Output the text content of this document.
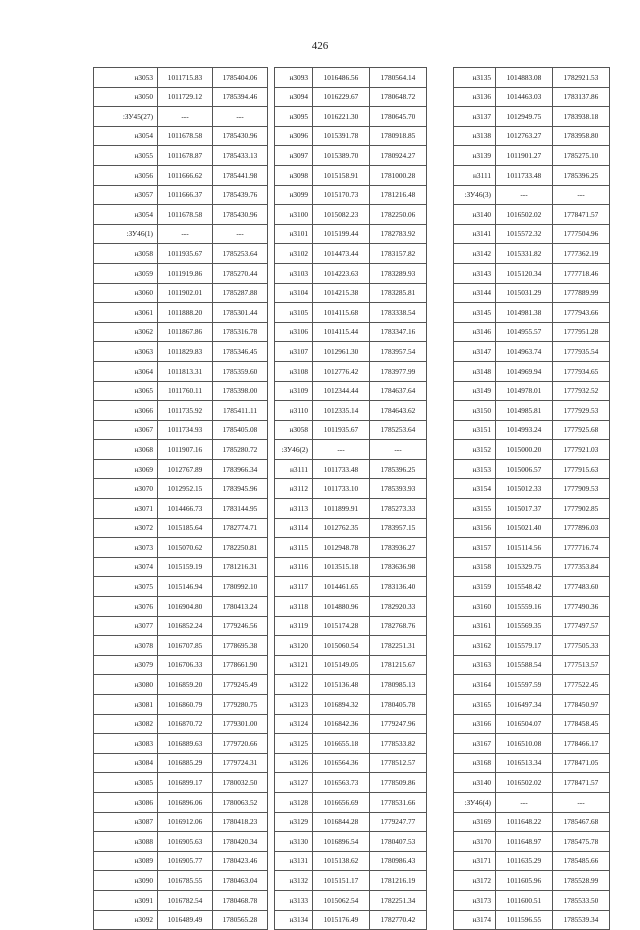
426
н3053	1011715.83	1785404.06
н3050	1011729.12	1785394.46
:ЗУ45(27)	---	---
н3054	1011678.58	1785430.96
н3055	1011678.87	1785433.13
н3056	1011666.62	1785441.98
н3057	1011666.37	1785439.76
н3054	1011678.58	1785430.96
:ЗУ46(1)	---	---
н3058	1011935.67	1785253.64
н3059	1011919.86	1785270.44
н3060	1011902.01	1785287.88
н3061	1011888.20	1785301.44
н3062	1011867.86	1785316.78
н3063	1011829.83	1785346.45
н3064	1011813.31	1785359.60
н3065	1011760.11	1785398.00
н3066	1011735.92	1785411.11
н3067	1011734.93	1785405.08
н3068	1011907.16	1785280.72
н3069	1012767.89	1783966.34
н3070	1012952.15	1783945.96
н3071	1014466.73	1783144.95
н3072	1015185.64	1782774.71
н3073	1015070.62	1782250.81
н3074	1015159.19	1781216.31
н3075	1015146.94	1780992.10
н3076	1016904.80	1780413.24
н3077	1016852.24	1779246.56
н3078	1016707.85	1778695.38
н3079	1016706.33	1778661.90
н3080	1016859.20	1779245.49
н3081	1016860.79	1779280.75
н3082	1016870.72	1779301.00
н3083	1016889.63	1779720.66
н3084	1016885.29	1779724.31
н3085	1016899.17	1780032.50
н3086	1016896.06	1780063.52
н3087	1016912.06	1780418.23
н3088	1016905.63	1780420.34
н3089	1016905.77	1780423.46
н3090	1016785.55	1780463.04
н3091	1016782.54	1780468.78
н3092	1016489.49	1780565.28
н3093	1016486.56	1780564.14
н3094	1016229.67	1780648.72
н3095	1016221.30	1780645.70
н3096	1015391.78	1780918.85
н3097	1015389.70	1780924.27
н3098	1015158.91	1781000.28
н3099	1015170.73	1781216.48
н3100	1015082.23	1782250.06
н3101	1015199.44	1782783.92
н3102	1014473.44	1783157.82
н3103	1014223.63	1783289.93
н3104	1014215.38	1783285.81
н3105	1014115.68	1783338.54
н3106	1014115.44	1783347.16
н3107	1012961.30	1783957.54
н3108	1012776.42	1783977.99
н3109	1012344.44	1784637.64
н3110	1012335.14	1784643.62
н3058	1011935.67	1785253.64
:ЗУ46(2)	---	---
н3111	1011733.48	1785396.25
н3112	1011733.10	1785393.93
н3113	1011899.91	1785273.33
н3114	1012762.35	1783957.15
н3115	1012948.78	1783936.27
н3116	1013515.18	1783636.98
н3117	1014461.65	1783136.40
н3118	1014880.96	1782920.33
н3119	1015174.28	1782768.76
н3120	1015060.54	1782251.31
н3121	1015149.05	1781215.67
н3122	1015136.48	1780985.13
н3123	1016894.32	1780405.78
н3124	1016842.36	1779247.96
н3125	1016655.18	1778533.82
н3126	1016564.36	1778512.57
н3127	1016563.73	1778509.86
н3128	1016656.69	1778531.66
н3129	1016844.28	1779247.77
н3130	1016896.54	1780407.53
н3131	1015138.62	1780986.43
н3132	1015151.17	1781216.19
н3133	1015062.54	1782251.34
н3134	1015176.49	1782770.42
н3135	1014883.08	1782921.53
н3136	1014463.03	1783137.86
н3137	1012949.75	1783938.18
н3138	1012763.27	1783958.80
н3139	1011901.27	1785275.10
н3111	1011733.48	1785396.25
:ЗУ46(3)	---	---
н3140	1016502.02	1778471.57
н3141	1015572.32	1777504.96
н3142	1015331.82	1777362.19
н3143	1015120.34	1777718.46
н3144	1015031.29	1777889.99
н3145	1014981.38	1777943.66
н3146	1014955.57	1777951.28
н3147	1014963.74	1777935.54
н3148	1014969.94	1777934.65
н3149	1014978.01	1777932.52
н3150	1014985.81	1777929.53
н3151	1014993.24	1777925.68
н3152	1015000.20	1777921.03
н3153	1015006.57	1777915.63
н3154	1015012.33	1777909.53
н3155	1015017.37	1777902.85
н3156	1015021.40	1777896.03
н3157	1015114.56	1777716.74
н3158	1015329.75	1777353.84
н3159	1015548.42	1777483.60
н3160	1015559.16	1777490.36
н3161	1015569.35	1777497.57
н3162	1015579.17	1777505.33
н3163	1015588.54	1777513.57
н3164	1015597.59	1777522.45
н3165	1016497.34	1778450.97
н3166	1016504.07	1778458.45
н3167	1016510.08	1778466.17
н3168	1016513.34	1778471.05
н3140	1016502.02	1778471.57
:ЗУ46(4)	---	---
н3169	1011648.22	1785467.68
н3170	1011648.97	1785475.78
н3171	1011635.29	1785485.66
н3172	1011605.96	1785528.99
н3173	1011600.51	1785533.50
н3174	1011596.55	1785539.34
